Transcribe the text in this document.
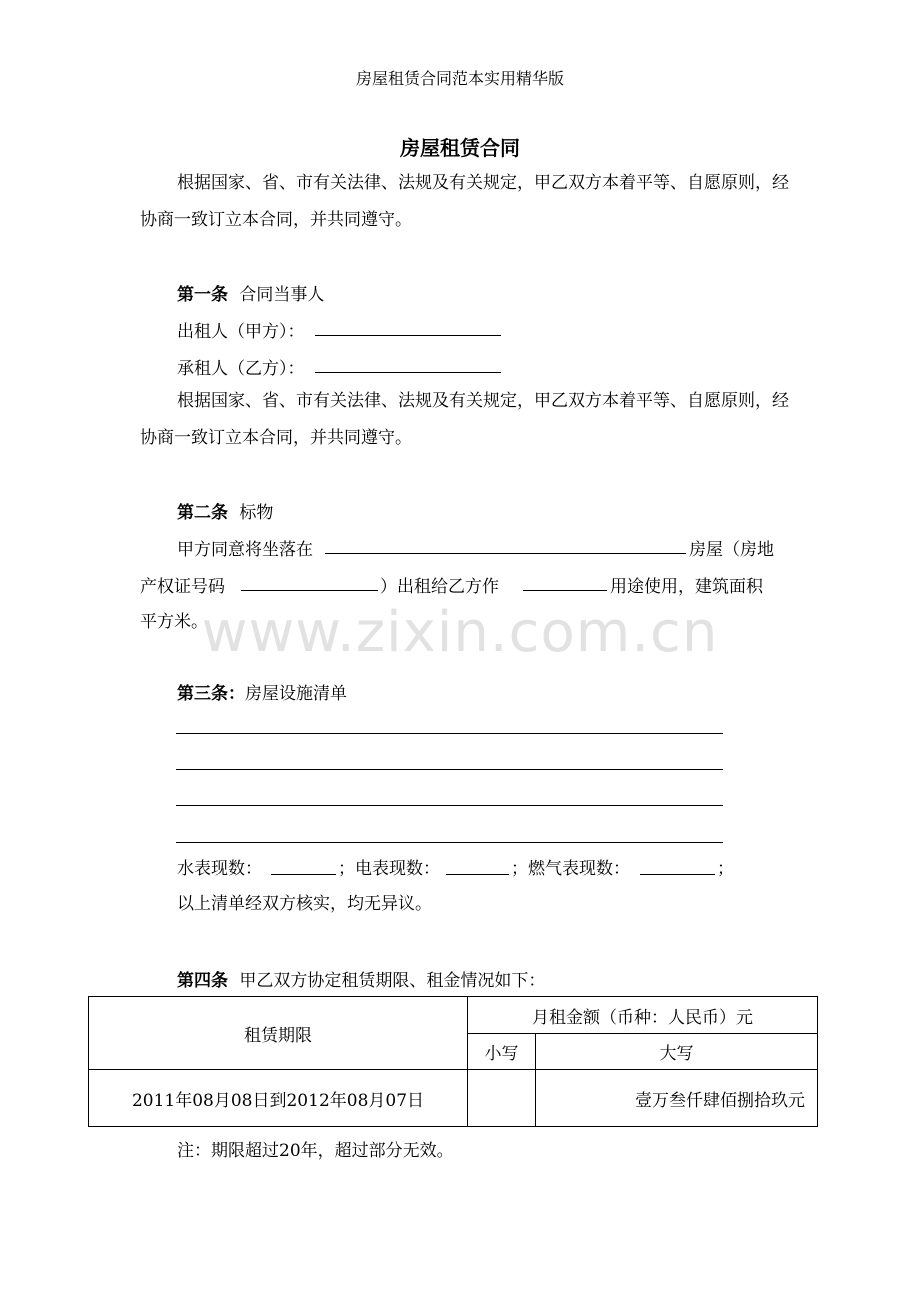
房屋租赁合同范本实用精华版
房屋租赁合同
根据国家、省、市有关法律、法规及有关规定，甲乙双方本着平等、自愿原则，经协商一致订立本合同，并共同遵守。
第一条 合同当事人
出租人（甲方）：
承租人（乙方）：
根据国家、省、市有关法律、法规及有关规定，甲乙双方本着平等、自愿原则，经协商一致订立本合同，并共同遵守。
第二条 标物
甲方同意将坐落在	房屋（房地
产权证号码	）出租给乙方作	用途使用，建筑面积
平方米。
www.zixin.com.cn
第三条：房屋设施清单
水表现数：	；电表现数：	；燃气表现数：	；
以上清单经双方核实，均无异议。
第四条 甲乙双方协定租赁期限、租金情况如下：
租赁期限	月租金额（币种：人民币）元	
	小写	大写
2011年08月08日到2012年08月07日		壹万叁仟肆佰捌拾玖元
注：期限超过20年，超过部分无效。
